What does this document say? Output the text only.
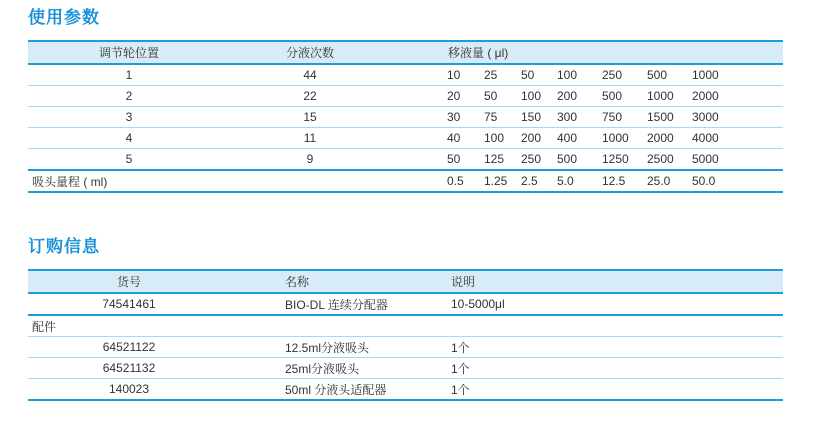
使用参数
调节轮位置	分液次数	移液量 ( μl)						
1	44	10	25	50	100	250	500	1000
2	22	20	50	100	200	500	1000	2000
3	15	30	75	150	300	750	1500	3000
4	11	40	100	200	400	1000	2000	4000
5	9	50	125	250	500	1250	2500	5000
吸头量程 ( ml)		0.5	1.25	2.5	5.0	12.5	25.0	50.0
订购信息
货号	名称	说明
74541461	BIO-DL 连续分配器	10-5000μl
配件		
64521122	12.5ml分液吸头	1个
64521132	25ml分液吸头	1个
140023	50ml 分液头适配器	1个
